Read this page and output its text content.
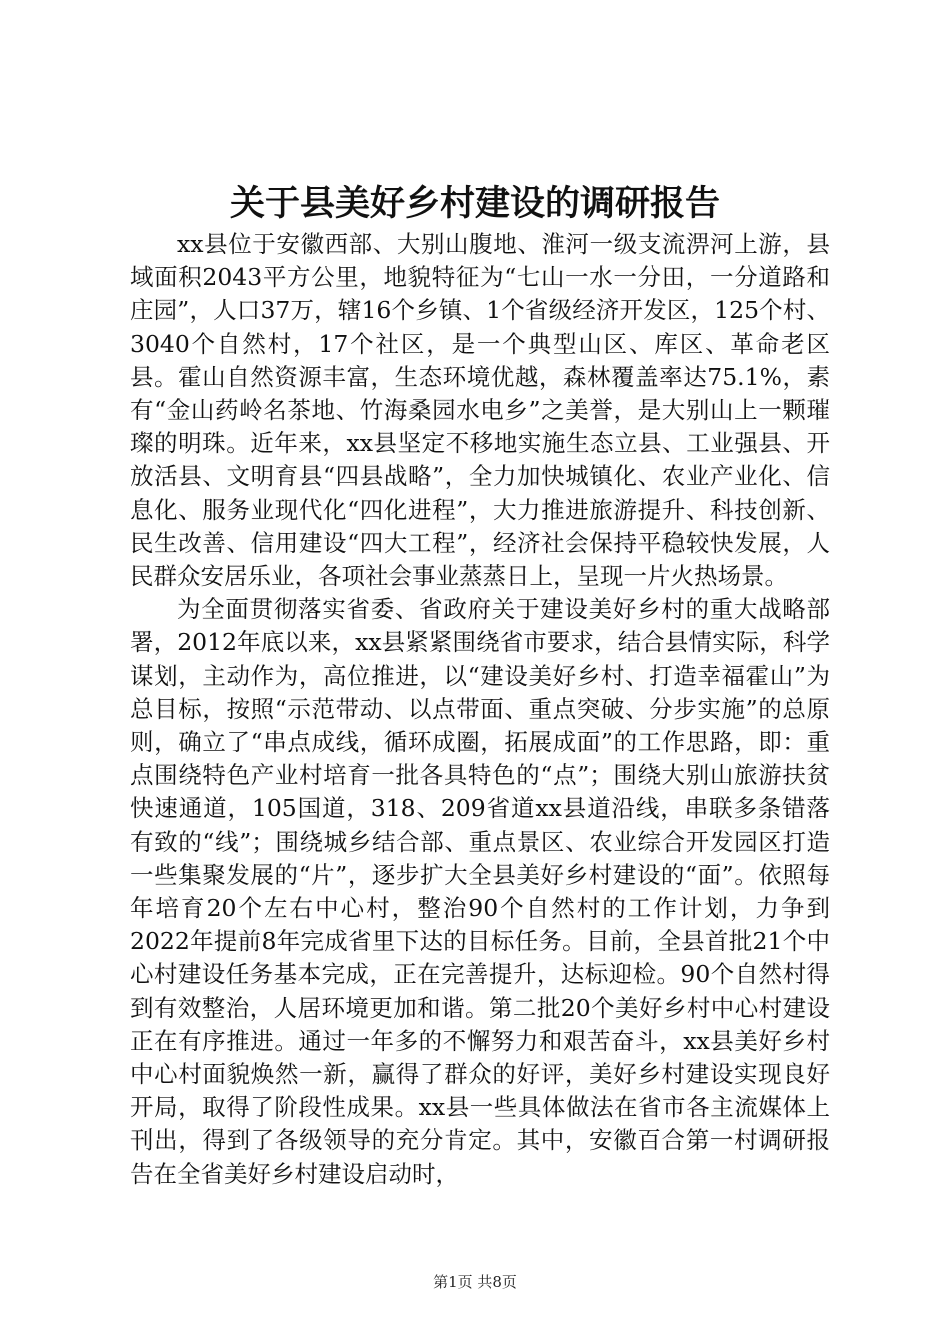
关于县美好乡村建设的调研报告

xx县位于安徽西部、大别山腹地、淮河一级支流淠河上游，县域面积2043平方公里，地貌特征为“七山一水一分田，一分道路和庄园”，人口37万，辖16个乡镇、1个省级经济开发区，125个村、3040个自然村，17个社区，是一个典型山区、库区、革命老区县。霍山自然资源丰富，生态环境优越，森林覆盖率达75.1%，素有“金山药岭名茶地、竹海桑园水电乡”之美誉，是大别山上一颗璀璨的明珠。近年来，xx县坚定不移地实施生态立县、工业强县、开放活县、文明育县“四县战略”，全力加快城镇化、农业产业化、信息化、服务业现代化“四化进程”，大力推进旅游提升、科技创新、民生改善、信用建设“四大工程”，经济社会保持平稳较快发展，人民群众安居乐业，各项社会事业蒸蒸日上，呈现一片火热场景。

为全面贯彻落实省委、省政府关于建设美好乡村的重大战略部署，2012年底以来，xx县紧紧围绕省市要求，结合县情实际，科学谋划，主动作为，高位推进，以“建设美好乡村、打造幸福霍山”为总目标，按照“示范带动、以点带面、重点突破、分步实施”的总原则，确立了“串点成线，循环成圈，拓展成面”的工作思路，即：重点围绕特色产业村培育一批各具特色的“点”；围绕大别山旅游扶贫快速通道，105国道，318、209省道xx县道沿线，串联多条错落有致的“线”；围绕城乡结合部、重点景区、农业综合开发园区打造一些集聚发展的“片”，逐步扩大全县美好乡村建设的“面”。依照每年培育20个左右中心村，整治90个自然村的工作计划，力争到2022年提前8年完成省里下达的目标任务。目前，全县首批21个中心村建设任务基本完成，正在完善提升，达标迎检。90个自然村得到有效整治，人居环境更加和谐。第二批20个美好乡村中心村建设正在有序推进。通过一年多的不懈努力和艰苦奋斗，xx县美好乡村中心村面貌焕然一新，赢得了群众的好评，美好乡村建设实现良好开局，取得了阶段性成果。xx县一些具体做法在省市各主流媒体上刊出，得到了各级领导的充分肯定。其中，安徽百合第一村调研报告在全省美好乡村建设启动时，

第1页 共8页
